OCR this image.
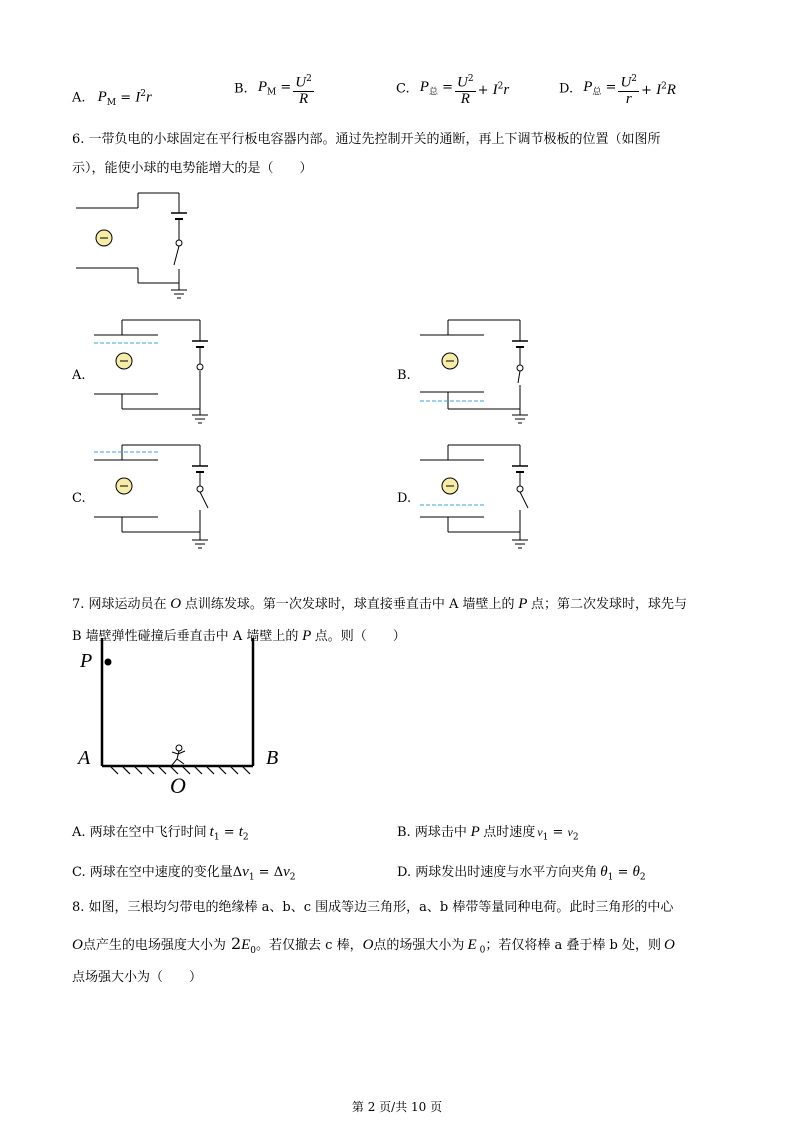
A. $P_M = I^2r$
B. $P_M = \frac{U^2}{R}$	C. $P_总 = \frac{U^2}{R} + I^2r$	D. $P_总 = \frac{U^2}{r} + I^2R$
6. 一带负电的小球固定在平行板电容器内部。通过先控制开关的通断，再上下调节极板的位置（如图所
示），能使小球的电势能增大的是（　　）
A.	B.
C.	D.
7. 网球运动员在 O 点训练发球。第一次发球时，球直接垂直击中 A 墙壁上的 P 点；第二次发球时，球先与
B 墙壁弹性碰撞后垂直击中 A 墙壁上的 P 点。则（　　）
P
A	B
O
A. 两球在空中飞行时间 $t_1 = t_2$	B. 两球击中 P 点时速度 $v_1 = v_2$
C. 两球在空中速度的变化量$\Delta v_1 = \Delta v_2$	D. 两球发出时速度与水平方向夹角 $\theta_1 = \theta_2$
8. 如图，三根均匀带电的绝缘棒 a、b、c 围成等边三角形，a、b 棒带等量同种电荷。此时三角形的中心
O点产生的电场强度大小为 $2E_0$。若仅撤去 c 棒，O点的场强大小为 E $_0$；若仅将棒 a 叠于棒 b 处，则 O
点场强大小为（　　）
第 2 页/共 10 页
